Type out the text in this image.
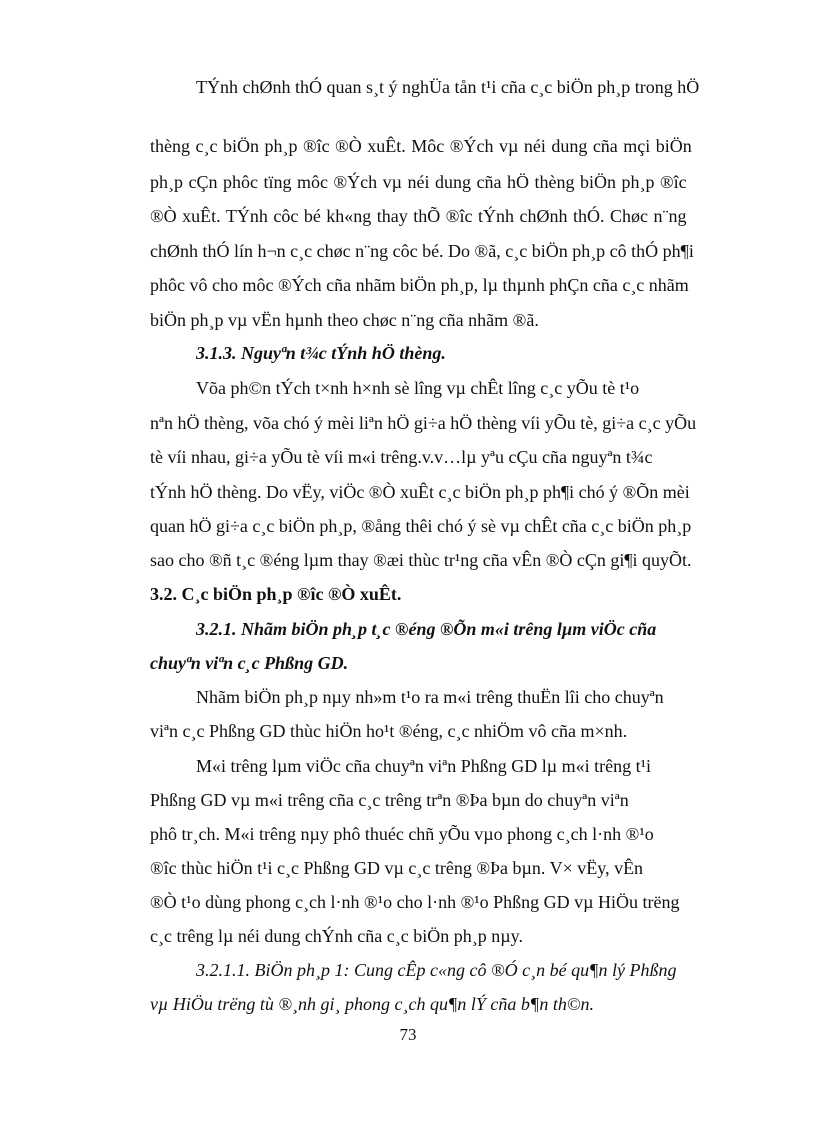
TÝnh chØnh thÓ quan s¸t ý nghÜa tån t¹i cña c¸c biÖn ph¸p trong hÖ
thèng c¸c biÖn ph¸p ®îc ®Ò xuÊt. Môc ®Ých vµ néi dung cña mçi biÖn
ph¸p cÇn phôc tïng môc ®Ých vµ néi dung cña hÖ thèng biÖn ph¸p ®îc
®Ò xuÊt. TÝnh côc bé kh«ng thay thÕ ®îc tÝnh chØnh thÓ. Chøc n¨ng
chØnh thÓ lín h¬n c¸c chøc n¨ng côc bé. Do ®ã, c¸c biÖn ph¸p cô thÓ ph¶i
phôc vô cho môc ®Ých cña nhãm biÖn ph¸p, lµ thµnh phÇn cña c¸c nhãm
biÖn ph¸p vµ vËn hµnh theo chøc n¨ng cña nhãm ®ã.
3.1.3. Nguyªn t¾c tÝnh hÖ thèng.
Võa ph©n tÝch t×nh h×nh sè lîng vµ chÊt lîng c¸c yÕu tè t¹o
nªn hÖ thèng, võa chó ý mèi liªn hÖ gi÷a hÖ thèng víi yÕu tè, gi÷a c¸c yÕu
tè víi nhau, gi÷a yÕu tè víi m«i trêng.v.v…lµ yªu cÇu cña nguyªn t¾c
tÝnh hÖ thèng. Do vËy, viÖc ®Ò xuÊt c¸c biÖn ph¸p ph¶i chó ý ®Õn mèi
quan hÖ gi÷a c¸c biÖn ph¸p, ®ång thêi chó ý sè vµ chÊt cña c¸c biÖn ph¸p
sao cho ®ñ t¸c ®éng lµm thay ®æi thùc tr¹ng cña vÊn ®Ò cÇn gi¶i quyÕt.
3.2. C¸c biÖn ph¸p ®îc ®Ò xuÊt.
3.2.1. Nhãm biÖn ph¸p t¸c ®éng ®Õn m«i trêng lµm viÖc cña
chuyªn viªn c¸c Phßng GD.
Nhãm biÖn ph¸p nµy nh»m t¹o ra m«i trêng thuËn lîi cho chuyªn
viªn c¸c Phßng GD thùc hiÖn ho¹t ®éng, c¸c nhiÖm vô cña m×nh.
M«i trêng lµm viÖc cña chuyªn viªn Phßng GD lµ m«i trêng t¹i
Phßng GD vµ m«i trêng cña c¸c trêng trªn ®Þa bµn do chuyªn viªn
phô tr¸ch. M«i trêng nµy phô thuéc chñ yÕu vµo phong c¸ch l·nh ®¹o
®îc thùc hiÖn t¹i c¸c Phßng GD vµ c¸c trêng ®Þa bµn. V× vËy, vÊn
®Ò t¹o dùng phong c¸ch l·nh ®¹o cho l·nh ®¹o Phßng GD vµ HiÖu trëng
c¸c trêng lµ néi dung chÝnh cña c¸c biÖn ph¸p nµy.
3.2.1.1. BiÖn ph¸p 1: Cung cÊp c«ng cô ®Ó c¸n bé qu¶n lý Phßng
vµ HiÖu trëng tù ®¸nh gi¸ phong c¸ch qu¶n lÝ cña b¶n th©n.
73
